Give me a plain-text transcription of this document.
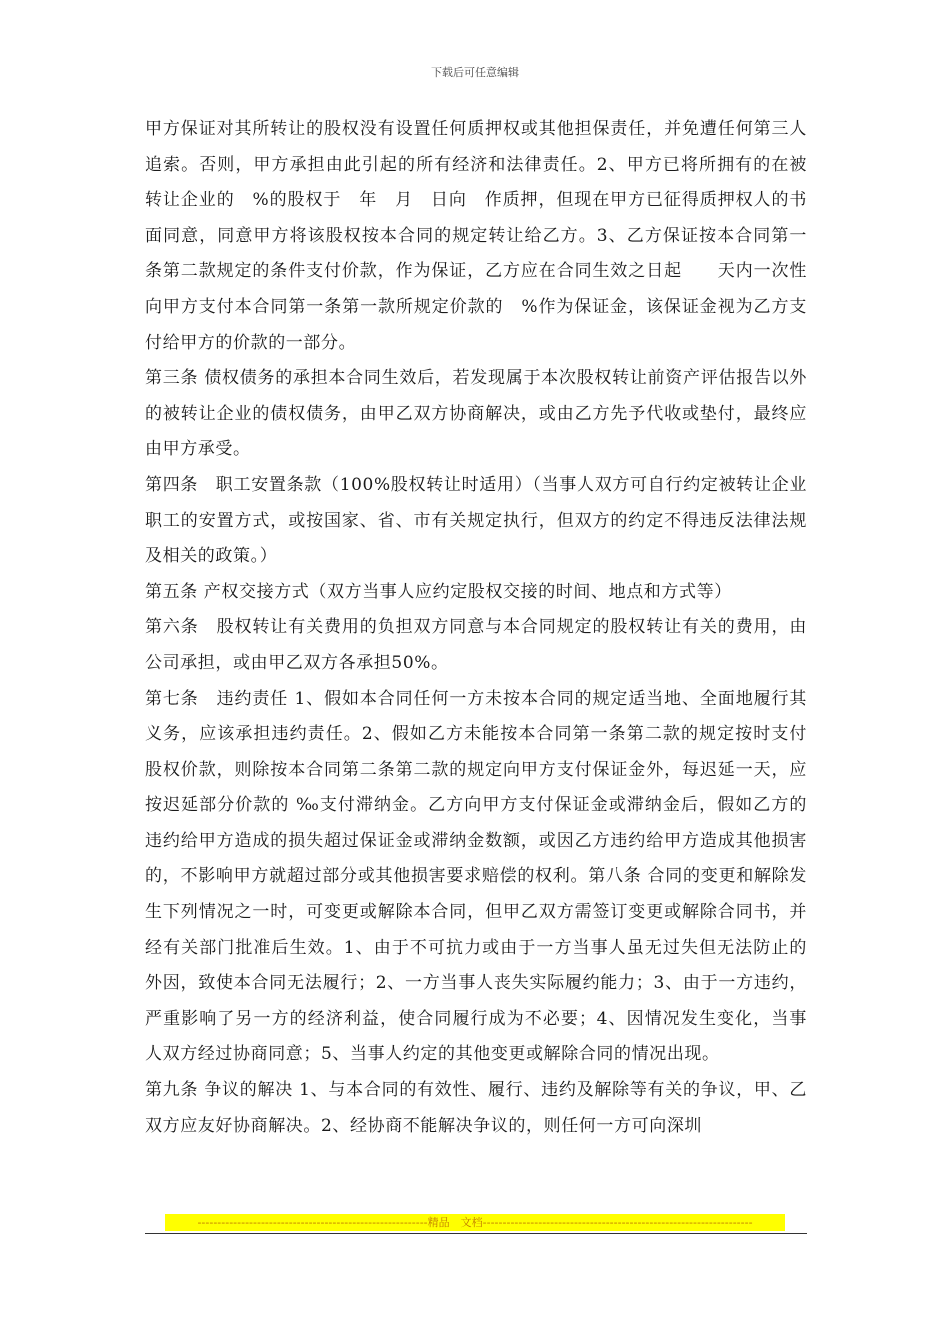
下载后可任意编辑

甲方保证对其所转让的股权没有设置任何质押权或其他担保责任，并免遭任何第三人追索。否则，甲方承担由此引起的所有经济和法律责任。2、甲方已将所拥有的在被转让企业的　%的股权于　年　月　日向　作质押，但现在甲方已征得质押权人的书面同意，同意甲方将该股权按本合同的规定转让给乙方。3、乙方保证按本合同第一条第二款规定的条件支付价款，作为保证，乙方应在合同生效之日起　　天内一次性向甲方支付本合同第一条第一款所规定价款的　%作为保证金，该保证金视为乙方支付给甲方的价款的一部分。

第三条 债权债务的承担本合同生效后，若发现属于本次股权转让前资产评估报告以外的被转让企业的债权债务，由甲乙双方协商解决，或由乙方先予代收或垫付，最终应由甲方承受。

第四条　职工安置条款（100%股权转让时适用）（当事人双方可自行约定被转让企业职工的安置方式，或按国家、省、市有关规定执行，但双方的约定不得违反法律法规及相关的政策。）

第五条 产权交接方式（双方当事人应约定股权交接的时间、地点和方式等）

第六条　股权转让有关费用的负担双方同意与本合同规定的股权转让有关的费用，由　　　公司承担，或由甲乙双方各承担50%。

第七条　违约责任 1、假如本合同任何一方未按本合同的规定适当地、全面地履行其义务，应该承担违约责任。2、假如乙方未能按本合同第一条第二款的规定按时支付股权价款，则除按本合同第二条第二款的规定向甲方支付保证金外，每迟延一天，应按迟延部分价款的 ‰支付滞纳金。乙方向甲方支付保证金或滞纳金后，假如乙方的违约给甲方造成的损失超过保证金或滞纳金数额，或因乙方违约给甲方造成其他损害的，不影响甲方就超过部分或其他损害要求赔偿的权利。第八条 合同的变更和解除发生下列情况之一时，可变更或解除本合同，但甲乙双方需签订变更或解除合同书，并经有关部门批准后生效。1、由于不可抗力或由于一方当事人虽无过失但无法防止的外因，致使本合同无法履行；2、一方当事人丧失实际履约能力；3、由于一方违约，严重影响了另一方的经济利益，使合同履行成为不必要；4、因情况发生变化，当事人双方经过协商同意；5、当事人约定的其他变更或解除合同的情况出现。

第九条 争议的解决 1、与本合同的有效性、履行、违约及解除等有关的争议，甲、乙双方应友好协商解决。2、经协商不能解决争议的，则任何一方可向深圳

----------------------------------------------------------精品　文档--------------------------------------------------------------------
